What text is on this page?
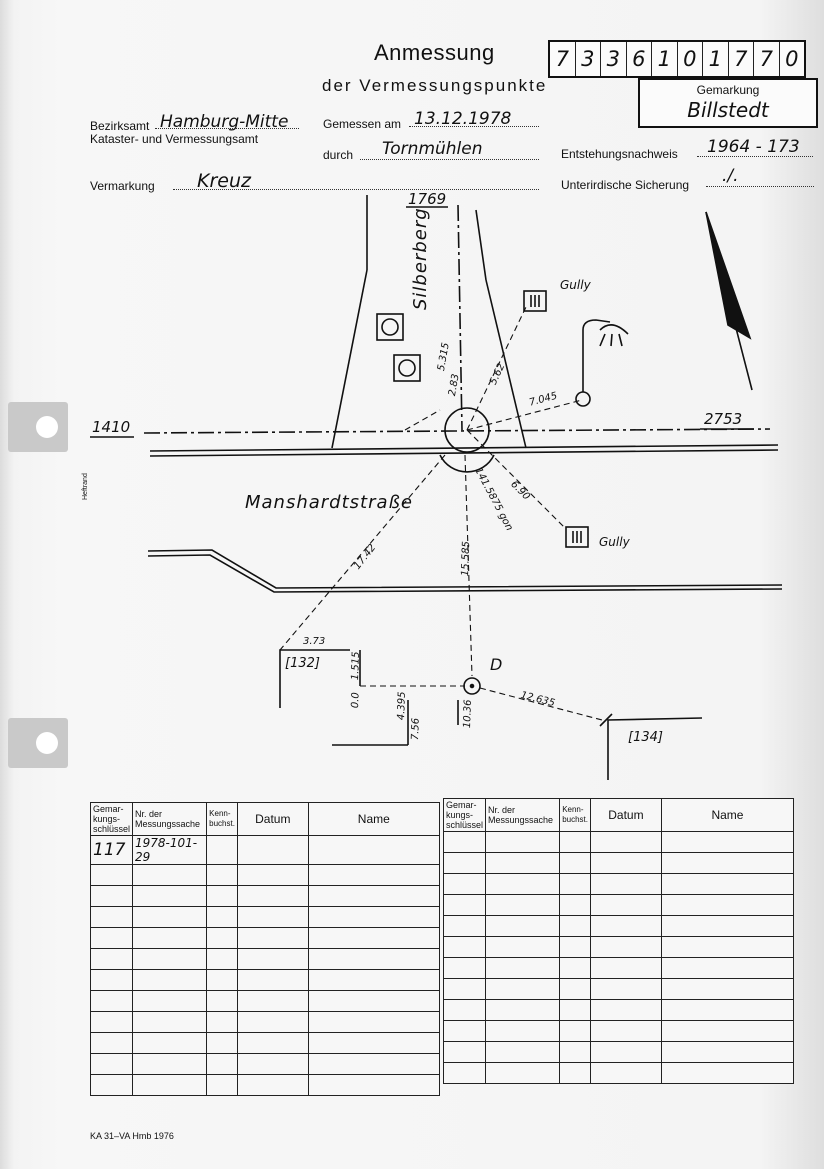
Anmessung
der Vermessungspunkte
7 3 3 6 1 0 1 7 7 0
Gemarkung
Billstedt
Bezirksamt Hamburg-Mitte
Kataster- und Vermessungsamt
Gemessen am 13.12.1978
durch Tornmühlen	Entstehungsnachweis 1964 - 173
Vermarkung Kreuz	Unterirdische Sicherung ./.
Heftrand
1769
1410	2753
Silberberg
Manshardtstraße
Gully
Gully
D
[132]
[134]
5.315
2.83	5.62
7.045
6.90
141.5875 gon
17.42	15.585
3.73
1.515
0.0	4.395
7.56
10.36	12.635
Gemar-kungs-schlüssel	Nr. der Messungssache	Kenn-buchst.	Datum	Name
117	1978-101-29			

Gemar-kungs-schlüssel	Nr. der Messungssache	Kenn-buchst.	Datum	Name

KA 31–VA Hmb 1976
